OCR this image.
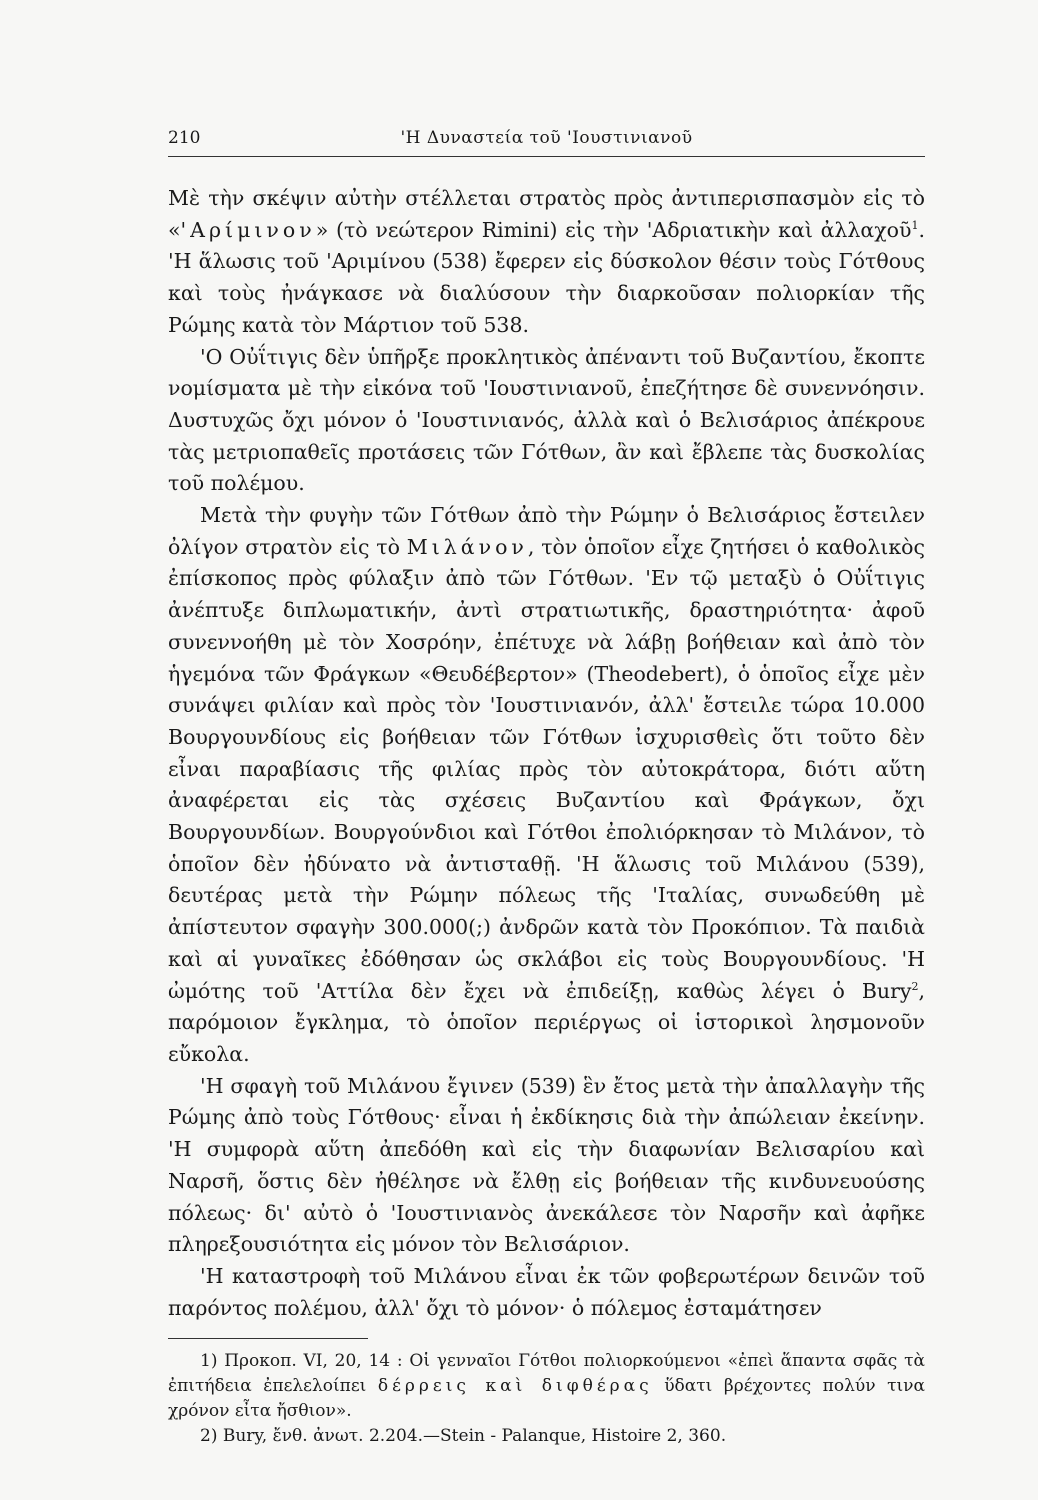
210	'Η Δυναστεία τοῦ 'Ιουστινιανοῦ

Μὲ τὴν σκέψιν αὐτὴν στέλλεται στρατὸς πρὸς ἀντιπερισπασμὸν εἰς τὸ «'Αρίμινον» (τὸ νεώτερον Rimini) εἰς τὴν 'Αδριατικὴν καὶ ἀλλαχοῦ$^1$. 'Η ἅλωσις τοῦ 'Αριμίνου (538) ἔφερεν εἰς δύσκολον θέσιν τοὺς Γότθους καὶ τοὺς ἠνάγκασε νὰ διαλύσουν τὴν διαρκοῦσαν πολιορκίαν τῆς Ρώμης κατὰ τὸν Μάρτιον τοῦ 538.

'Ο Οὐΐτιγις δὲν ὑπῆρξε προκλητικὸς ἀπέναντι τοῦ Βυζαντίου, ἔκοπτε νομίσματα μὲ τὴν εἰκόνα τοῦ 'Ιουστινιανοῦ, ἐπεζήτησε δὲ συνεννόησιν. Δυστυχῶς ὄχι μόνον ὁ 'Ιουστινιανός, ἀλλὰ καὶ ὁ Βελισάριος ἀπέκρουε τὰς μετριοπαθεῖς προτάσεις τῶν Γότθων, ἂν καὶ ἔβλεπε τὰς δυσκολίας τοῦ πολέμου.

Μετὰ τὴν φυγὴν τῶν Γότθων ἀπὸ τὴν Ρώμην ὁ Βελισάριος ἔστειλεν ὀλίγον στρατὸν εἰς τὸ Μιλάνον, τὸν ὁποῖον εἶχε ζητήσει ὁ καθολικὸς ἐπίσκοπος πρὸς φύλαξιν ἀπὸ τῶν Γότθων. 'Εν τῷ μεταξὺ ὁ Οὐΐτιγις ἀνέπτυξε διπλωματικήν, ἀντὶ στρατιωτικῆς, δραστηριότητα· ἀφοῦ συνεννοήθη μὲ τὸν Χοσρόην, ἐπέτυχε νὰ λάβῃ βοήθειαν καὶ ἀπὸ τὸν ἡγεμόνα τῶν Φράγκων «Θευδέβερτον» (Theodebert), ὁ ὁποῖος εἶχε μὲν συνάψει φιλίαν καὶ πρὸς τὸν 'Ιουστινιανόν, ἀλλ' ἔστειλε τώρα 10.000 Βουργουνδίους εἰς βοήθειαν τῶν Γότθων ἰσχυρισθεὶς ὅτι τοῦτο δὲν εἶναι παραβίασις τῆς φιλίας πρὸς τὸν αὐτοκράτορα, διότι αὕτη ἀναφέρεται εἰς τὰς σχέσεις Βυζαντίου καὶ Φράγκων, ὄχι Βουργουνδίων. Βουργούνδιοι καὶ Γότθοι ἐπολιόρκησαν τὸ Μιλάνον, τὸ ὁποῖον δὲν ἠδύνατο νὰ ἀντισταθῇ. 'Η ἅλωσις τοῦ Μιλάνου (539), δευτέρας μετὰ τὴν Ρώμην πόλεως τῆς 'Ιταλίας, συνωδεύθη μὲ ἀπίστευτον σφαγὴν 300.000(;) ἀνδρῶν κατὰ τὸν Προκόπιον. Τὰ παιδιὰ καὶ αἱ γυναῖκες ἐδόθησαν ὡς σκλάβοι εἰς τοὺς Βουργουνδίους. 'Η ὠμότης τοῦ 'Αττίλα δὲν ἔχει νὰ ἐπιδείξῃ, καθὼς λέγει ὁ Bury$^2$, παρόμοιον ἔγκλημα, τὸ ὁποῖον περιέργως οἱ ἱστορικοὶ λησμονοῦν εὔκολα.

'Η σφαγὴ τοῦ Μιλάνου ἔγινεν (539) ἓν ἔτος μετὰ τὴν ἀπαλλαγὴν τῆς Ρώμης ἀπὸ τοὺς Γότθους· εἶναι ἡ ἐκδίκησις διὰ τὴν ἀπώλειαν ἐκείνην. 'Η συμφορὰ αὕτη ἀπεδόθη καὶ εἰς τὴν διαφωνίαν Βελισαρίου καὶ Ναρσῆ, ὅστις δὲν ἠθέλησε νὰ ἔλθῃ εἰς βοήθειαν τῆς κινδυνευούσης πόλεως· δι' αὐτὸ ὁ 'Ιουστινιανὸς ἀνεκάλεσε τὸν Ναρσῆν καὶ ἀφῆκε πληρεξουσιότητα εἰς μόνον τὸν Βελισάριον.

'Η καταστροφὴ τοῦ Μιλάνου εἶναι ἐκ τῶν φοβερωτέρων δεινῶν τοῦ παρόντος πολέμου, ἀλλ' ὄχι τὸ μόνον· ὁ πόλεμος ἐσταμάτησεν

1) Προκοπ. VI, 20, 14 : Οἱ γενναῖοι Γότθοι πολιορκούμενοι «ἐπεὶ ἅπαντα σφᾶς τὰ ἐπιτήδεια ἐπελελοίπει δέρρεις καὶ διφθέρας ὕδατι βρέχοντες πολύν τινα χρόνον εἶτα ἤσθιον».

2) Bury, ἔνθ. ἀνωτ. 2.204.—Stein - Palanque, Histoire 2, 360.
